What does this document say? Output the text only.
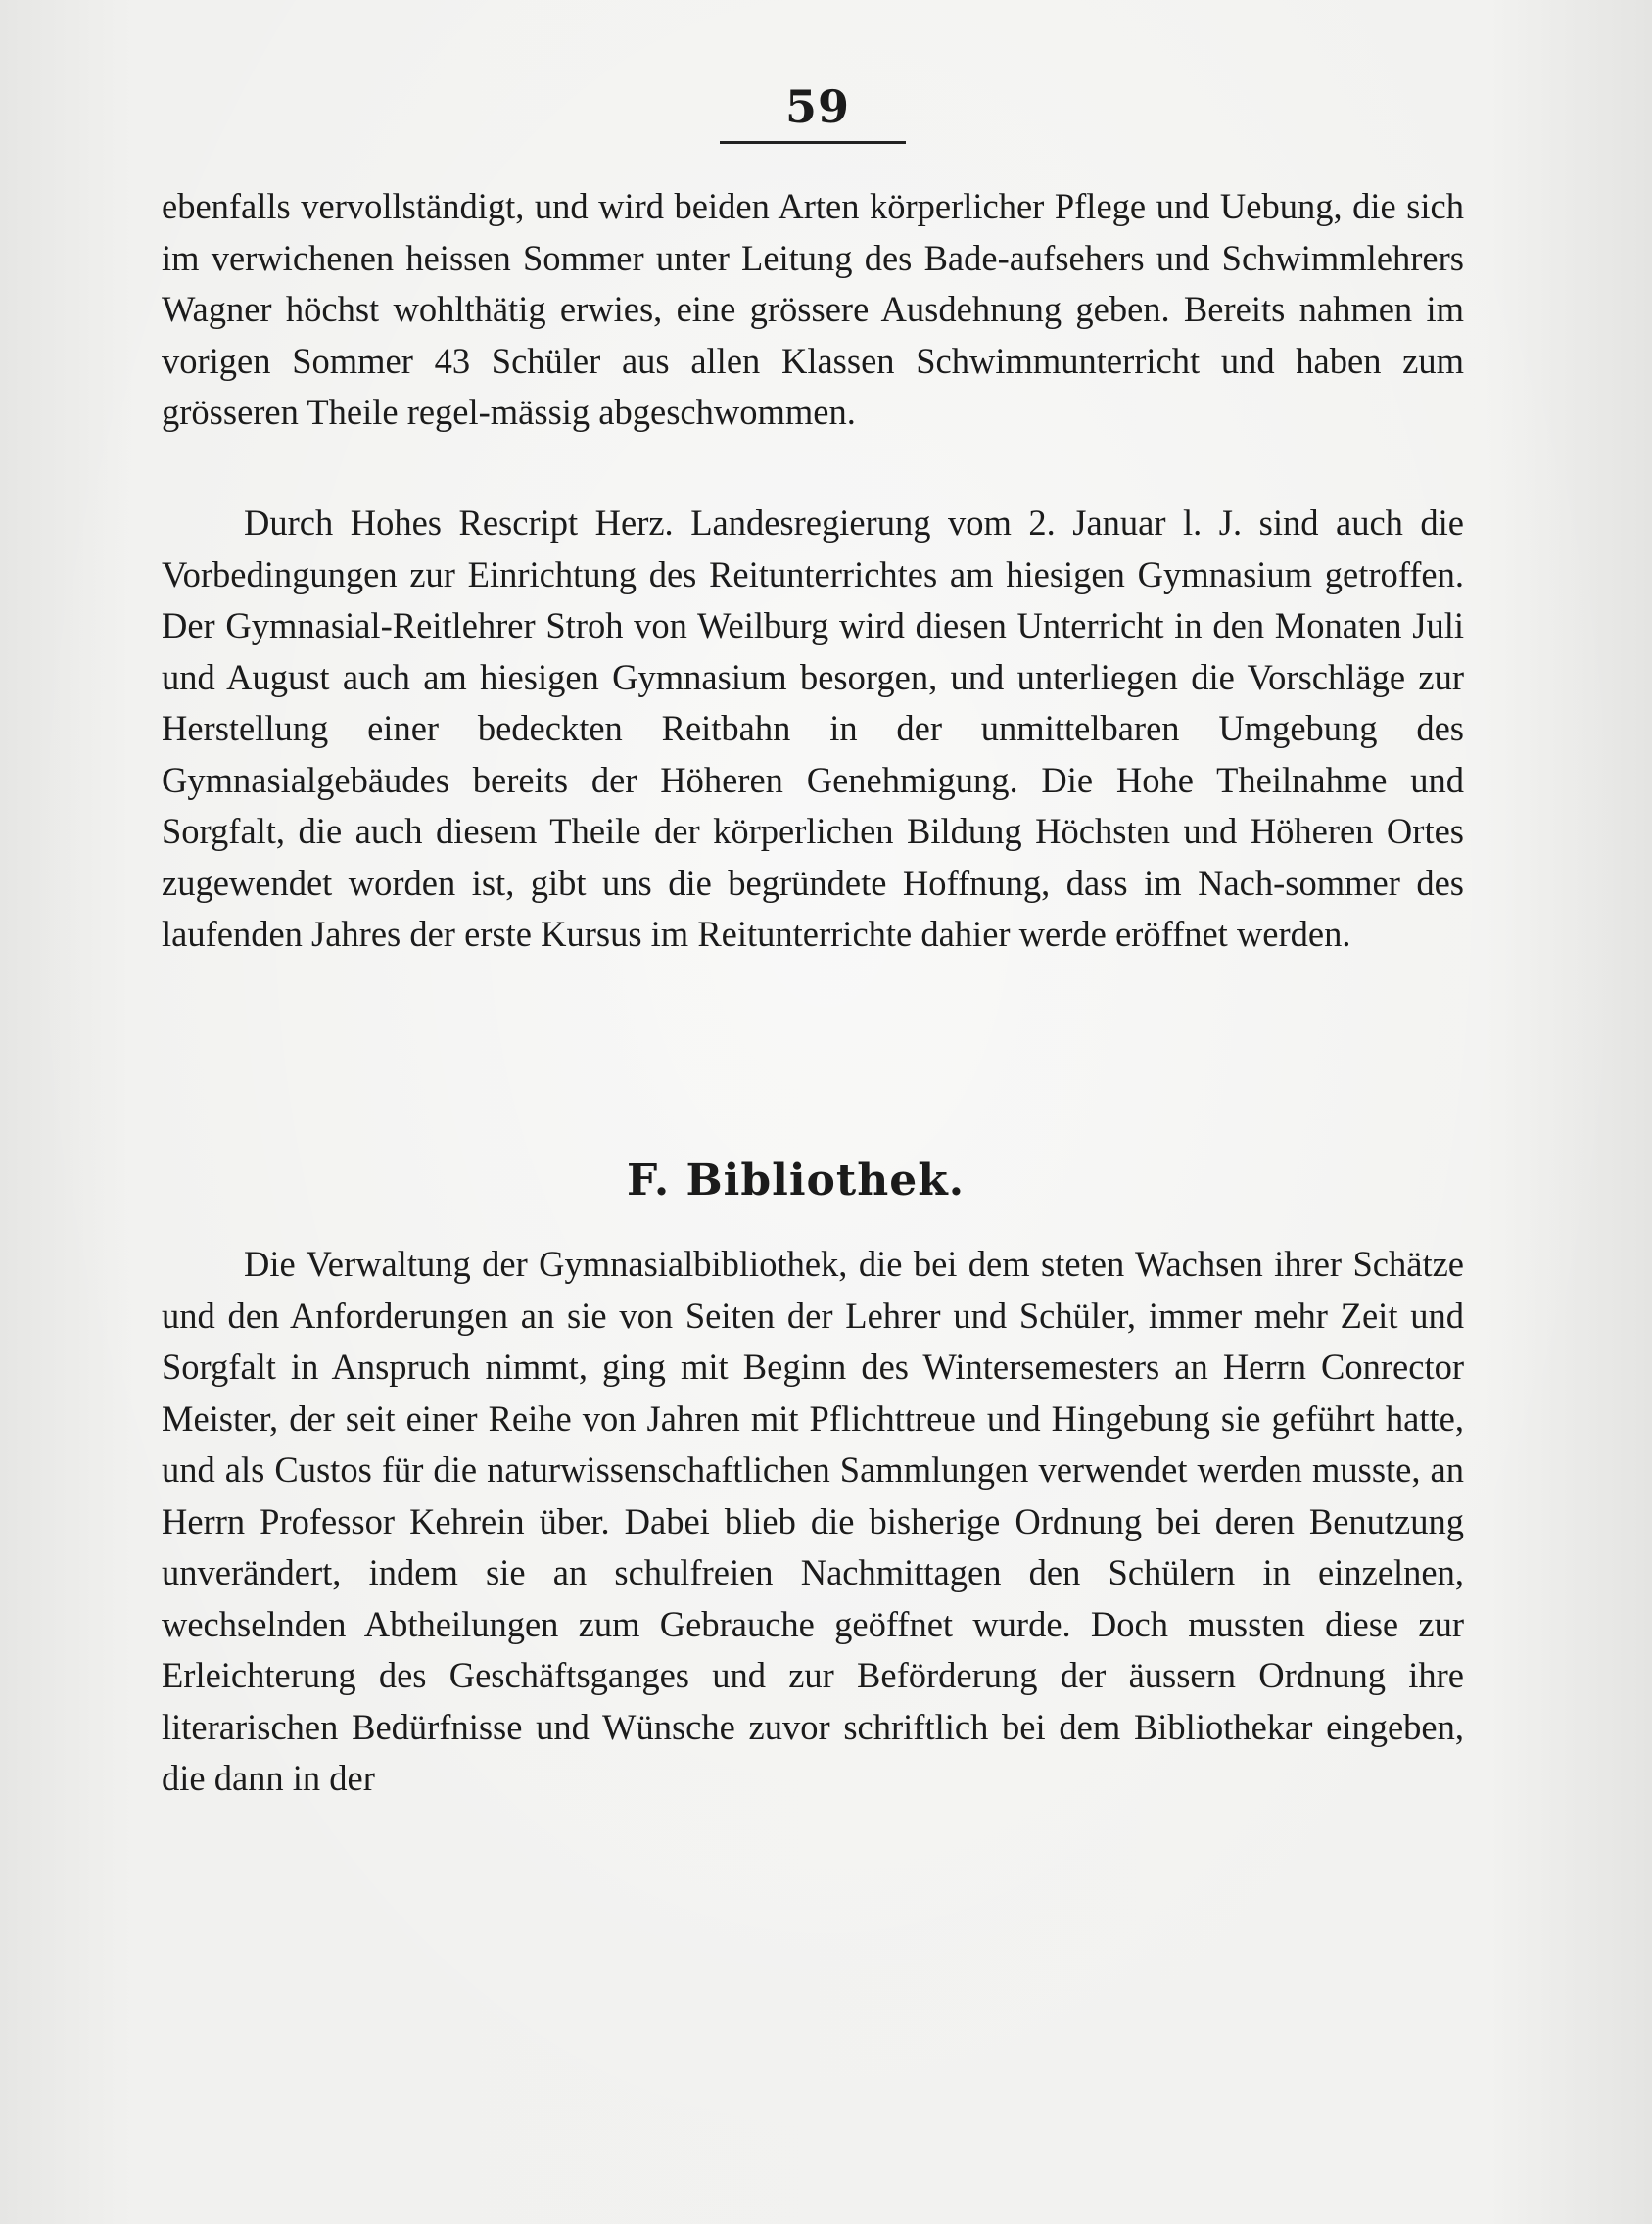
59

ebenfalls vervollständigt, und wird beiden Arten körperlicher Pflege und Uebung, die sich im verwichenen heissen Sommer unter Leitung des Bade-aufsehers und Schwimmlehrers Wagner höchst wohlthätig erwies, eine grössere Ausdehnung geben. Bereits nahmen im vorigen Sommer 43 Schüler aus allen Klassen Schwimmunterricht und haben zum grösseren Theile regel-mässig abgeschwommen.

Durch Hohes Rescript Herz. Landesregierung vom 2. Januar l. J. sind auch die Vorbedingungen zur Einrichtung des Reitunterrichtes am hiesigen Gymnasium getroffen. Der Gymnasial-Reitlehrer Stroh von Weilburg wird diesen Unterricht in den Monaten Juli und August auch am hiesigen Gymnasium besorgen, und unterliegen die Vorschläge zur Herstellung einer bedeckten Reitbahn in der unmittelbaren Umgebung des Gymnasialgebäudes bereits der Höheren Genehmigung. Die Hohe Theilnahme und Sorgfalt, die auch diesem Theile der körperlichen Bildung Höchsten und Höheren Ortes zugewendet worden ist, gibt uns die begründete Hoffnung, dass im Nach-sommer des laufenden Jahres der erste Kursus im Reitunterrichte dahier werde eröffnet werden.

F. Bibliothek.

Die Verwaltung der Gymnasialbibliothek, die bei dem steten Wachsen ihrer Schätze und den Anforderungen an sie von Seiten der Lehrer und Schüler, immer mehr Zeit und Sorgfalt in Anspruch nimmt, ging mit Beginn des Wintersemesters an Herrn Conrector Meister, der seit einer Reihe von Jahren mit Pflichttreue und Hingebung sie geführt hatte, und als Custos für die naturwissenschaftlichen Sammlungen verwendet werden musste, an Herrn Professor Kehrein über. Dabei blieb die bisherige Ordnung bei deren Benutzung unverändert, indem sie an schulfreien Nachmittagen den Schülern in einzelnen, wechselnden Abtheilungen zum Gebrauche geöffnet wurde. Doch mussten diese zur Erleichterung des Geschäftsganges und zur Beförderung der äussern Ordnung ihre literarischen Bedürfnisse und Wünsche zuvor schriftlich bei dem Bibliothekar eingeben, die dann in der
